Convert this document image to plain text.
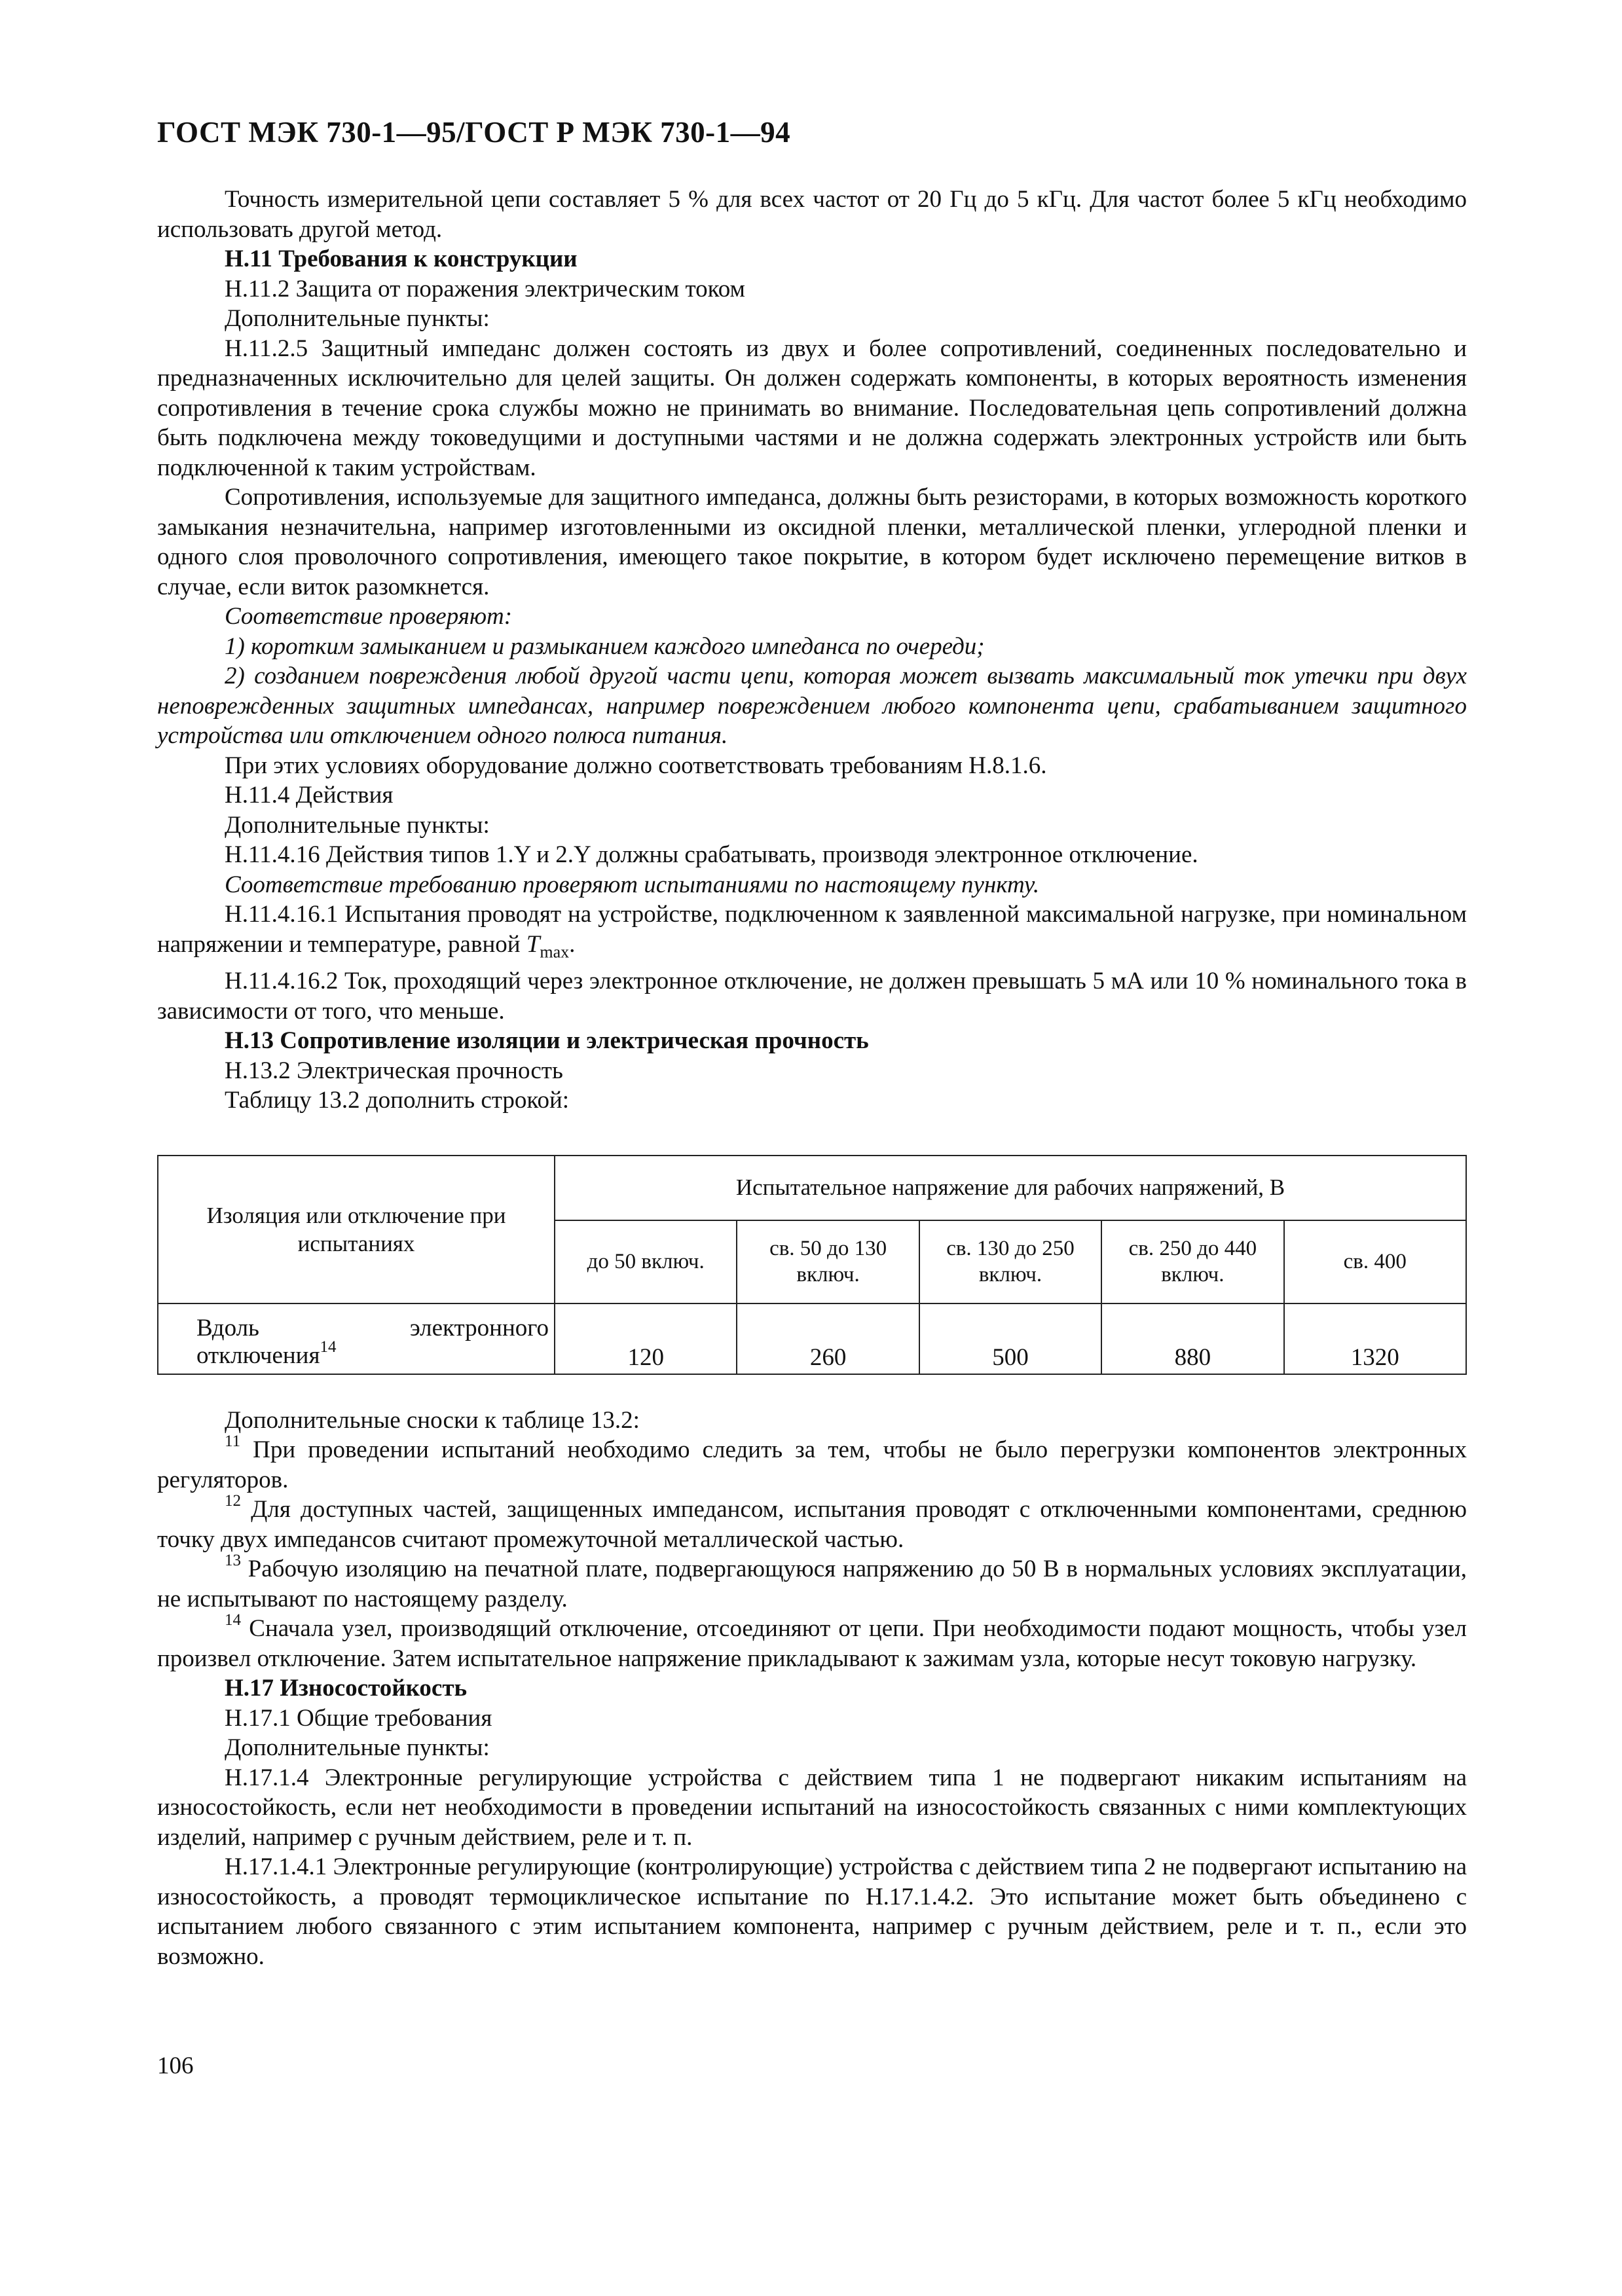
ГОСТ МЭК 730-1—95/ГОСТ Р МЭК 730-1—94

Точность измерительной цепи составляет 5 % для всех частот от 20 Гц до 5 кГц. Для частот более 5 кГц необходимо использовать другой метод.

Н.11 Требования к конструкции

Н.11.2 Защита от поражения электрическим током

Дополнительные пункты:

Н.11.2.5 Защитный импеданс должен состоять из двух и более сопротивлений, соединенных последовательно и предназначенных исключительно для целей защиты. Он должен содержать компоненты, в которых вероятность изменения сопротивления в течение срока службы можно не принимать во внимание. Последовательная цепь сопротивлений должна быть подключена между токоведущими и доступными частями и не должна содержать электронных устройств или быть подключенной к таким устройствам.

Сопротивления, используемые для защитного импеданса, должны быть резисторами, в которых возможность короткого замыкания незначительна, например изготовленными из оксидной пленки, металлической пленки, углеродной пленки и одного слоя проволочного сопротивления, имеющего такое покрытие, в котором будет исключено перемещение витков в случае, если виток разомкнется.

Соответствие проверяют:

1) коротким замыканием и размыканием каждого импеданса по очереди;

2) созданием повреждения любой другой части цепи, которая может вызвать максимальный ток утечки при двух неповрежденных защитных импедансах, например повреждением любого компонента цепи, срабатыванием защитного устройства или отключением одного полюса питания.

При этих условиях оборудование должно соответствовать требованиям Н.8.1.6.

Н.11.4 Действия

Дополнительные пункты:

Н.11.4.16 Действия типов 1.Y и 2.Y должны срабатывать, производя электронное отключение.

Соответствие требованию проверяют испытаниями по настоящему пункту.

Н.11.4.16.1 Испытания проводят на устройстве, подключенном к заявленной максимальной нагрузке, при номинальном напряжении и температуре, равной $T_{max}$.

Н.11.4.16.2 Ток, проходящий через электронное отключение, не должен превышать 5 мА или 10 % номинального тока в зависимости от того, что меньше.

Н.13 Сопротивление изоляции и электрическая прочность

Н.13.2 Электрическая прочность

Таблицу 13.2 дополнить строкой:

Изоляция или отключение при испытаниях	Испытательное напряжение для рабочих напряжений, В				
	до 50 включ.	св. 50 до 130 включ.	св. 130 до 250 включ.	св. 250 до 440 включ.	св. 400
Вдоль электронного отключения$^{14}$	120	260	500	880	1320

Дополнительные сноски к таблице 13.2:

$^{11}$ При проведении испытаний необходимо следить за тем, чтобы не было перегрузки компонентов электронных регуляторов.

$^{12}$ Для доступных частей, защищенных импедансом, испытания проводят с отключенными компонентами, среднюю точку двух импедансов считают промежуточной металлической частью.

$^{13}$ Рабочую изоляцию на печатной плате, подвергающуюся напряжению до 50 В в нормальных условиях эксплуатации, не испытывают по настоящему разделу.

$^{14}$ Сначала узел, производящий отключение, отсоединяют от цепи. При необходимости подают мощность, чтобы узел произвел отключение. Затем испытательное напряжение прикладывают к зажимам узла, которые несут токовую нагрузку.

Н.17 Износостойкость

Н.17.1 Общие требования

Дополнительные пункты:

Н.17.1.4 Электронные регулирующие устройства с действием типа 1 не подвергают никаким испытаниям на износостойкость, если нет необходимости в проведении испытаний на износостойкость связанных с ними комплектующих изделий, например с ручным действием, реле и т. п.

Н.17.1.4.1 Электронные регулирующие (контролирующие) устройства с действием типа 2 не подвергают испытанию на износостойкость, а проводят термоциклическое испытание по Н.17.1.4.2. Это испытание может быть объединено с испытанием любого связанного с этим испытанием компонента, например с ручным действием, реле и т. п., если это возможно.

106
